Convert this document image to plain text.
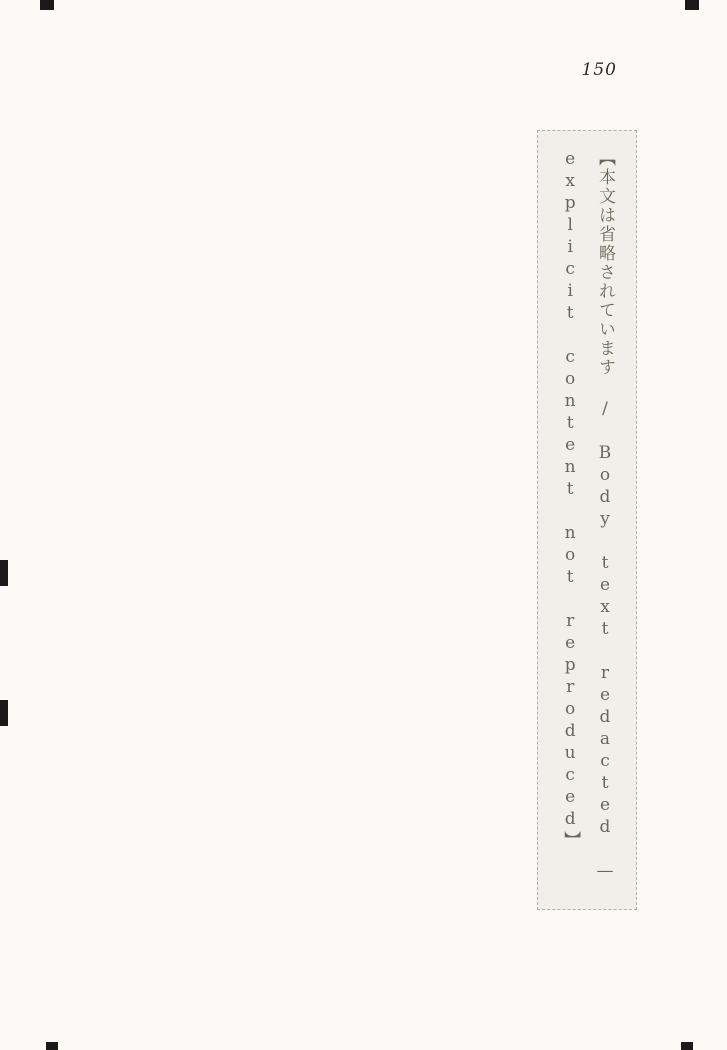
150
【本文は省略されています / Body text redacted — explicit content not reproduced】
